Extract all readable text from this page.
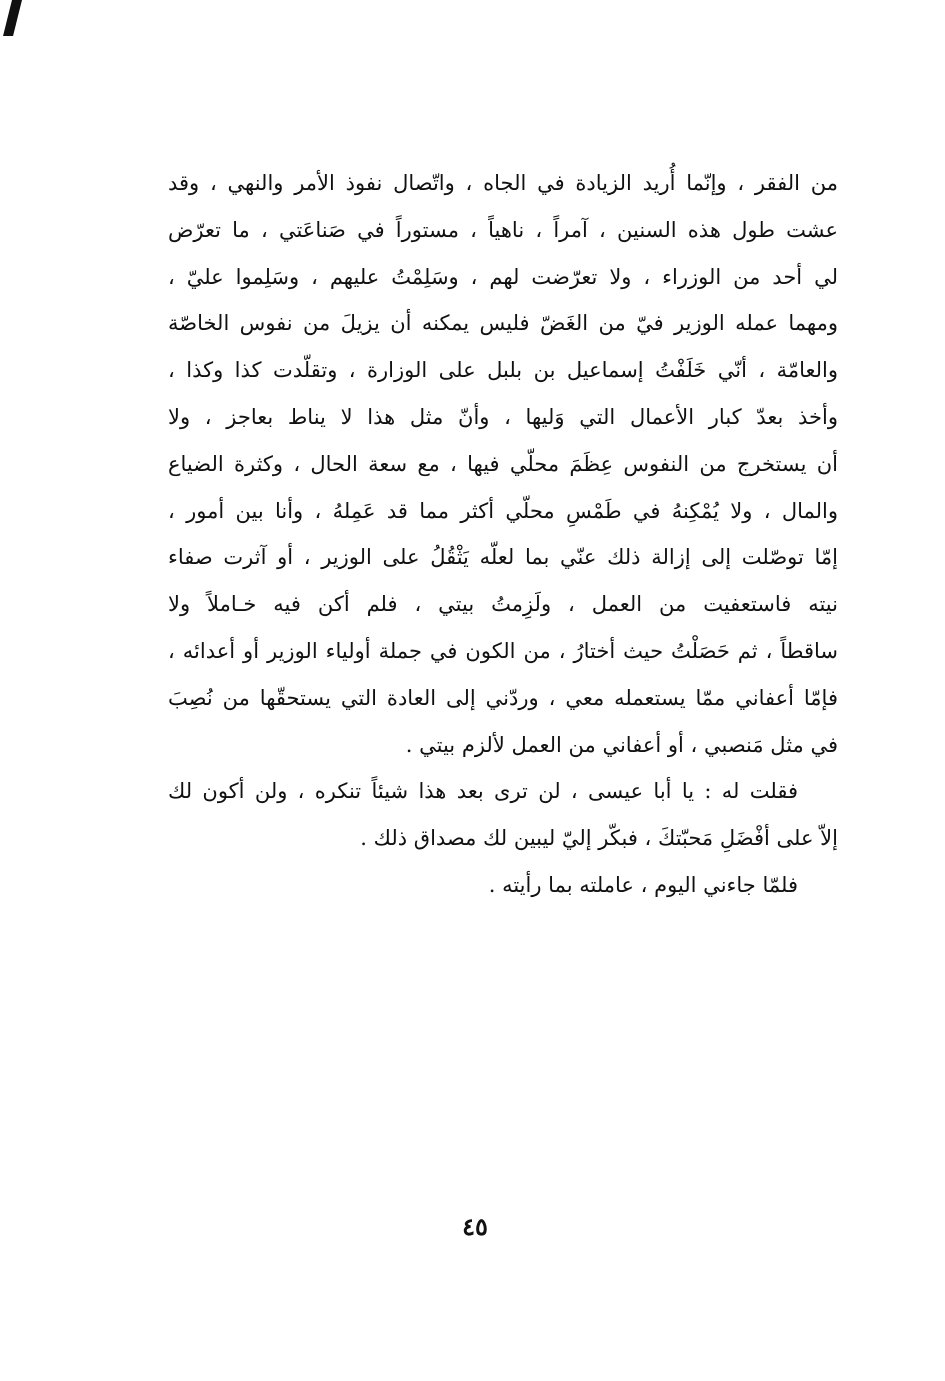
من الفقر ، وإنّما أُريد الزيادة في الجاه ، واتّصال نفوذ الأمر والنهي ، وقد
عشت طول هذه السنين ، آمراً ، ناهياً ، مستوراً في صَناعَتي ، ما تعرّض
لي أحد من الوزراء ، ولا تعرّضت لهم ، وسَلِمْتُ عليهم ، وسَلِموا عليّ ،
ومهما عمله الوزير فيّ من الغَضّ فليس يمكنه أن يزيلَ من نفوس الخاصّة
والعامّة ، أنّي خَلَفْتُ إسماعيل بن بلبل على الوزارة ، وتقلّدت كذا وكذا ،
وأخذ بعدّ كبار الأعمال التي وَليها ، وأنّ مثل هذا لا يناط بعاجز ، ولا
أن يستخرج من النفوس عِظَمَ محلّي فيها ، مع سعة الحال ، وكثرة الضياع
والمال ، ولا يُمْكِنهُ في طَمْسِ محلّي أكثر مما قد عَمِلهُ ، وأنا بين أمور ،
إمّا توصّلت إلى إزالة ذلك عنّي بما لعلّه يَثْقُلُ على الوزير ، أو آثرت صفاء
نيته فاستعفيت من العمل ، ولَزِمتُ بيتي ، فلم أكن فيه خـاملاً ولا
ساقطاً ، ثم حَصَلْتُ حيث أختارُ ، من الكون في جملة أولياء الوزير أو أعدائه ،
فإمّا أعفاني ممّا يستعمله معي ، وردّني إلى العادة التي يستحقّها من نُصِبَ
في مثل مَنصبي ، أو أعفاني من العمل لألزم بيتي .
فقلت له : يا أبا عيسى ، لن ترى بعد هذا شيئاً تنكره ، ولن أكون لك
إلاّ على أفْضَلِ مَحبّتكَ ، فبكّر إليّ ليبين لك مصداق ذلك .
فلمّا جاءني اليوم ، عاملته بما رأيته .
٤٥
